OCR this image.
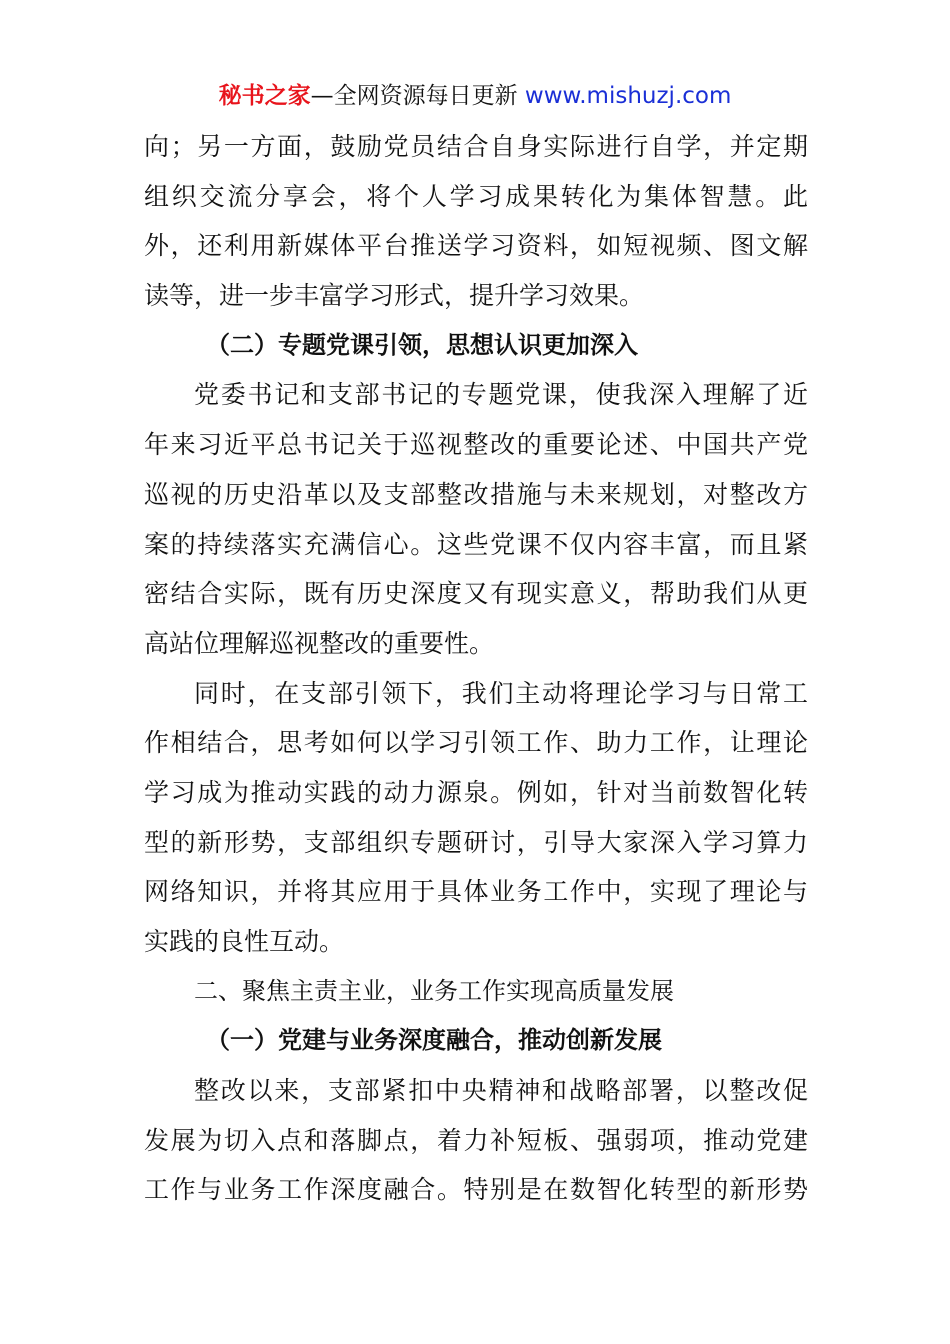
秘书之家—全网资源每日更新 www.mishuzj.com
向；另一方面，鼓励党员结合自身实际进行自学，并定期
组织交流分享会，将个人学习成果转化为集体智慧。此
外，还利用新媒体平台推送学习资料，如短视频、图文解
读等，进一步丰富学习形式，提升学习效果。
（二）专题党课引领，思想认识更加深入
党委书记和支部书记的专题党课，使我深入理解了近
年来习近平总书记关于巡视整改的重要论述、中国共产党
巡视的历史沿革以及支部整改措施与未来规划，对整改方
案的持续落实充满信心。这些党课不仅内容丰富，而且紧
密结合实际，既有历史深度又有现实意义，帮助我们从更
高站位理解巡视整改的重要性。
同时，在支部引领下，我们主动将理论学习与日常工
作相结合，思考如何以学习引领工作、助力工作，让理论
学习成为推动实践的动力源泉。例如，针对当前数智化转
型的新形势，支部组织专题研讨，引导大家深入学习算力
网络知识，并将其应用于具体业务工作中，实现了理论与
实践的良性互动。
二、聚焦主责主业，业务工作实现高质量发展
（一）党建与业务深度融合，推动创新发展
整改以来，支部紧扣中央精神和战略部署，以整改促
发展为切入点和落脚点，着力补短板、强弱项，推动党建
工作与业务工作深度融合。特别是在数智化转型的新形势
